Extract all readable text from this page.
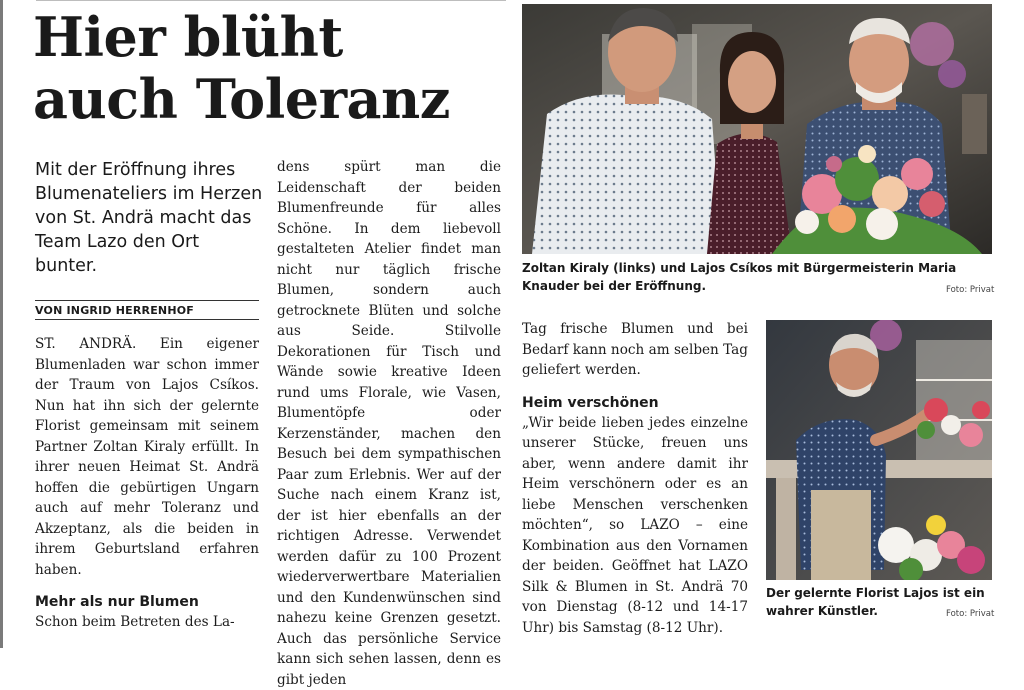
Hier blüht
auch Toleranz

Mit der Eröffnung ihres Blumenateliers im Herzen von St. Andrä macht das Team Lazo den Ort bunter.

VON INGRID HERRENHOF

ST. ANDRÄ. Ein eigener Blumenladen war schon immer der Traum von Lajos Csíkos. Nun hat ihn sich der gelernte Florist gemeinsam mit seinem Partner Zoltan Kiraly erfüllt. In ihrer neuen Heimat St. Andrä hoffen die gebürtigen Ungarn auch auf mehr Toleranz und Akzeptanz, als die beiden in ihrem Geburtsland erfahren haben.

Mehr als nur Blumen

Schon beim Betreten des La-

dens spürt man die Leidenschaft der beiden Blumenfreunde für alles Schöne. In dem liebevoll gestalteten Atelier findet man nicht nur täglich frische Blumen, sondern auch getrocknete Blüten und solche aus Seide. Stilvolle Dekorationen für Tisch und Wände sowie kreative Ideen rund ums Florale, wie Vasen, Blumentöpfe oder Kerzenständer, machen den Besuch bei dem sympathischen Paar zum Erlebnis. Wer auf der Suche nach einem Kranz ist, der ist hier ebenfalls an der richtigen Adresse. Verwendet werden dafür zu 100 Prozent wiederverwertbare Materialien und den Kundenwünschen sind nahezu keine Grenzen gesetzt. Auch das persönliche Service kann sich sehen lassen, denn es gibt jeden

Tag frische Blumen und bei Bedarf kann noch am selben Tag geliefert werden.

Heim verschönen

„Wir beide lieben jedes einzelne unserer Stücke, freuen uns aber, wenn andere damit ihr Heim verschönern oder es an liebe Menschen verschenken möchten“, so LAZO – eine Kombination aus den Vornamen der beiden. Geöffnet hat LAZO Silk & Blumen in St. Andrä 70 von Dienstag (8-12 und 14-17 Uhr) bis Samstag (8-12 Uhr).

Zoltan Kiraly (links) und Lajos Csíkos mit Bürgermeisterin Maria Knauder bei der Eröffnung.	Foto: Privat

Der gelernte Florist Lajos ist ein wahrer Künstler.	Foto: Privat
